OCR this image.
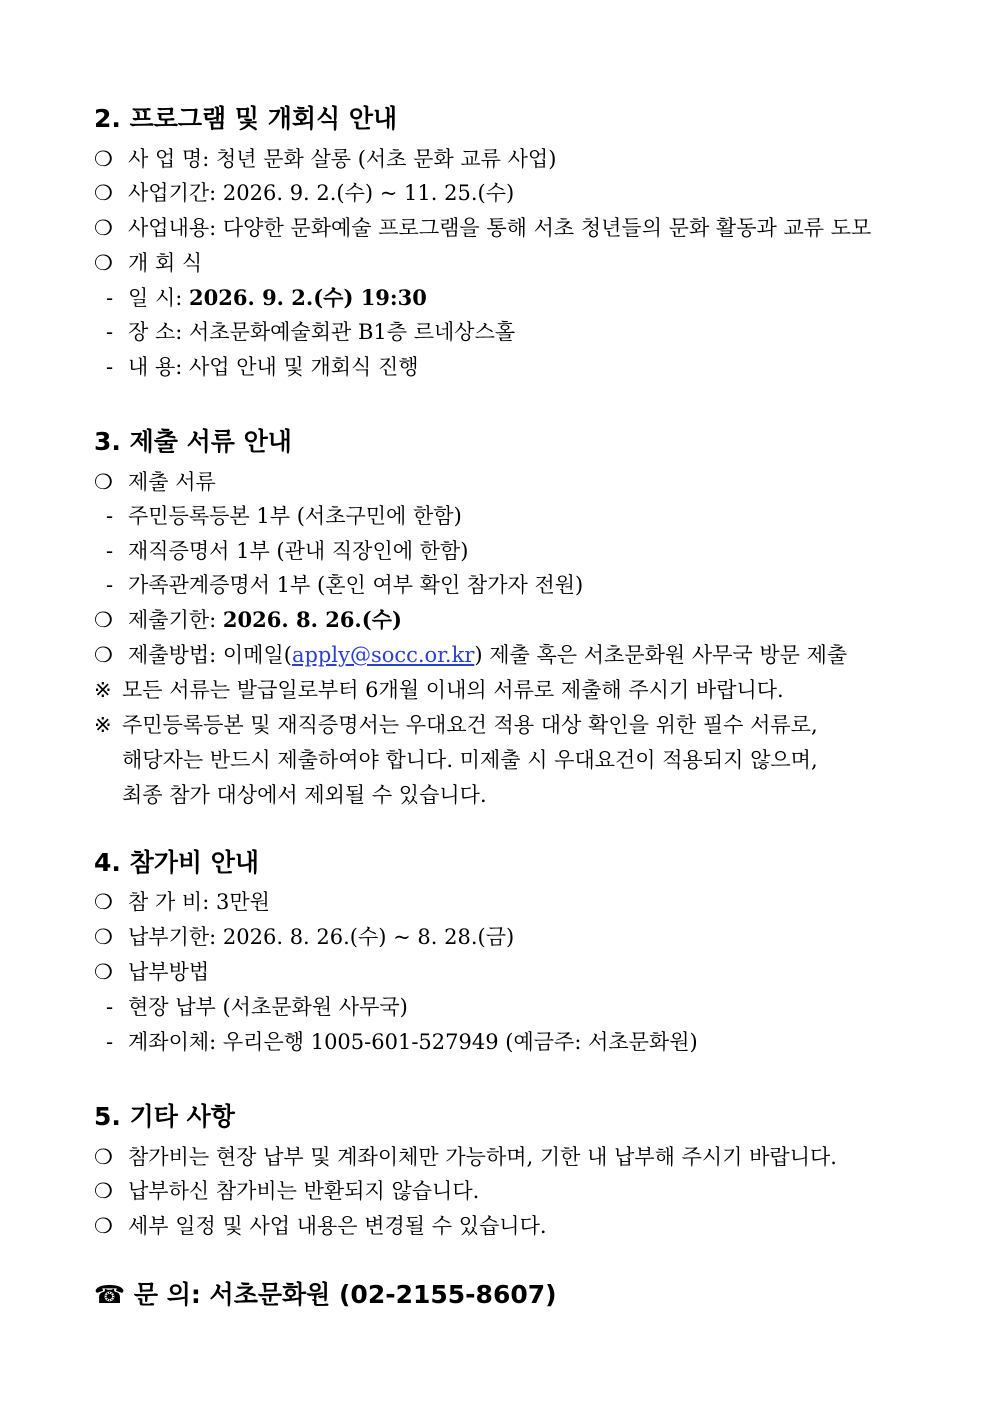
2. 프로그램 및 개회식 안내
❍ 사 업 명: 청년 문화 살롱 (서초 문화 교류 사업)
❍ 사업기간: 2026. 9. 2.(수) ~ 11. 25.(수)
❍ 사업내용: 다양한 문화예술 프로그램을 통해 서초 청년들의 문화 활동과 교류 도모
❍ 개 회 식
- 일 시: 2026. 9. 2.(수) 19:30
- 장 소: 서초문화예술회관 B1층 르네상스홀
- 내 용: 사업 안내 및 개회식 진행
3. 제출 서류 안내
❍ 제출 서류
- 주민등록등본 1부 (서초구민에 한함)
- 재직증명서 1부 (관내 직장인에 한함)
- 가족관계증명서 1부 (혼인 여부 확인 참가자 전원)
❍ 제출기한: 2026. 8. 26.(수)
❍ 제출방법: 이메일(apply@socc.or.kr) 제출 혹은 서초문화원 사무국 방문 제출
※ 모든 서류는 발급일로부터 6개월 이내의 서류로 제출해 주시기 바랍니다.
※ 주민등록등본 및 재직증명서는 우대요건 적용 대상 확인을 위한 필수 서류로,
해당자는 반드시 제출하여야 합니다. 미제출 시 우대요건이 적용되지 않으며,
최종 참가 대상에서 제외될 수 있습니다.
4. 참가비 안내
❍ 참 가 비: 3만원
❍ 납부기한: 2026. 8. 26.(수) ~ 8. 28.(금)
❍ 납부방법
- 현장 납부 (서초문화원 사무국)
- 계좌이체: 우리은행 1005-601-527949 (예금주: 서초문화원)
5. 기타 사항
❍ 참가비는 현장 납부 및 계좌이체만 가능하며, 기한 내 납부해 주시기 바랍니다.
❍ 납부하신 참가비는 반환되지 않습니다.
❍ 세부 일정 및 사업 내용은 변경될 수 있습니다.
☎ 문 의: 서초문화원 (02-2155-8607)
